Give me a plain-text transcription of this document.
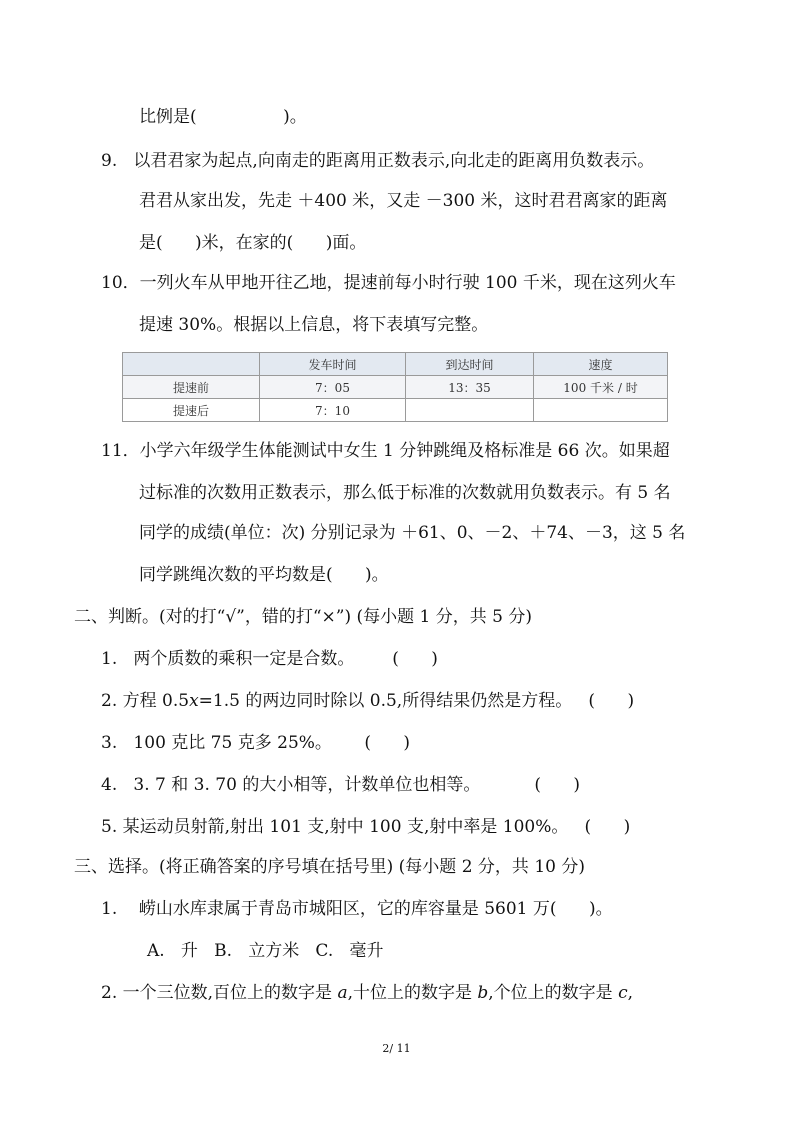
比例是(                )。
9.   以君君家为起点,向南走的距离用正数表示,向北走的距离用负数表示。
君君从家出发，先走 ＋400 米，又走 －300 米，这时君君离家的距离
是(      )米，在家的(      )面。
10．一列火车从甲地开往乙地，提速前每小时行驶 100 千米，现在这列火车
提速 30%。根据以上信息，将下表填写完整。
	发车时间	到达时间	速度
提速前	7：05	13：35	100 千米 / 时
提速后	7：10		
11．小学六年级学生体能测试中女生 1 分钟跳绳及格标准是 66 次。如果超
过标准的次数用正数表示，那么低于标准的次数就用负数表示。有 5 名
同学的成绩(单位：次) 分别记录为 ＋61、0、－2、＋74、－3，这 5 名
同学跳绳次数的平均数是(      )。
二、判断。(对的打“√”，错的打“×”) (每小题 1 分，共 5 分)
1.   两个质数的乘积一定是合数。       (      )
2. 方程 0.5x=1.5 的两边同时除以 0.5,所得结果仍然是方程。   (      )
3.   100 克比 75 克多 25%。      (      )
4.   3. 7 和 3. 70 的大小相等，计数单位也相等。          (      )
5. 某运动员射箭,射出 101 支,射中 100 支,射中率是 100%。   (      )
三、选择。(将正确答案的序号填在括号里) (每小题 2 分，共 10 分)
1.    崂山水库隶属于青岛市城阳区，它的库容量是 5601 万(      )。
A.   升   B.   立方米   C.   毫升
2. 一个三位数,百位上的数字是 a,十位上的数字是 b,个位上的数字是 c,
2/ 11
